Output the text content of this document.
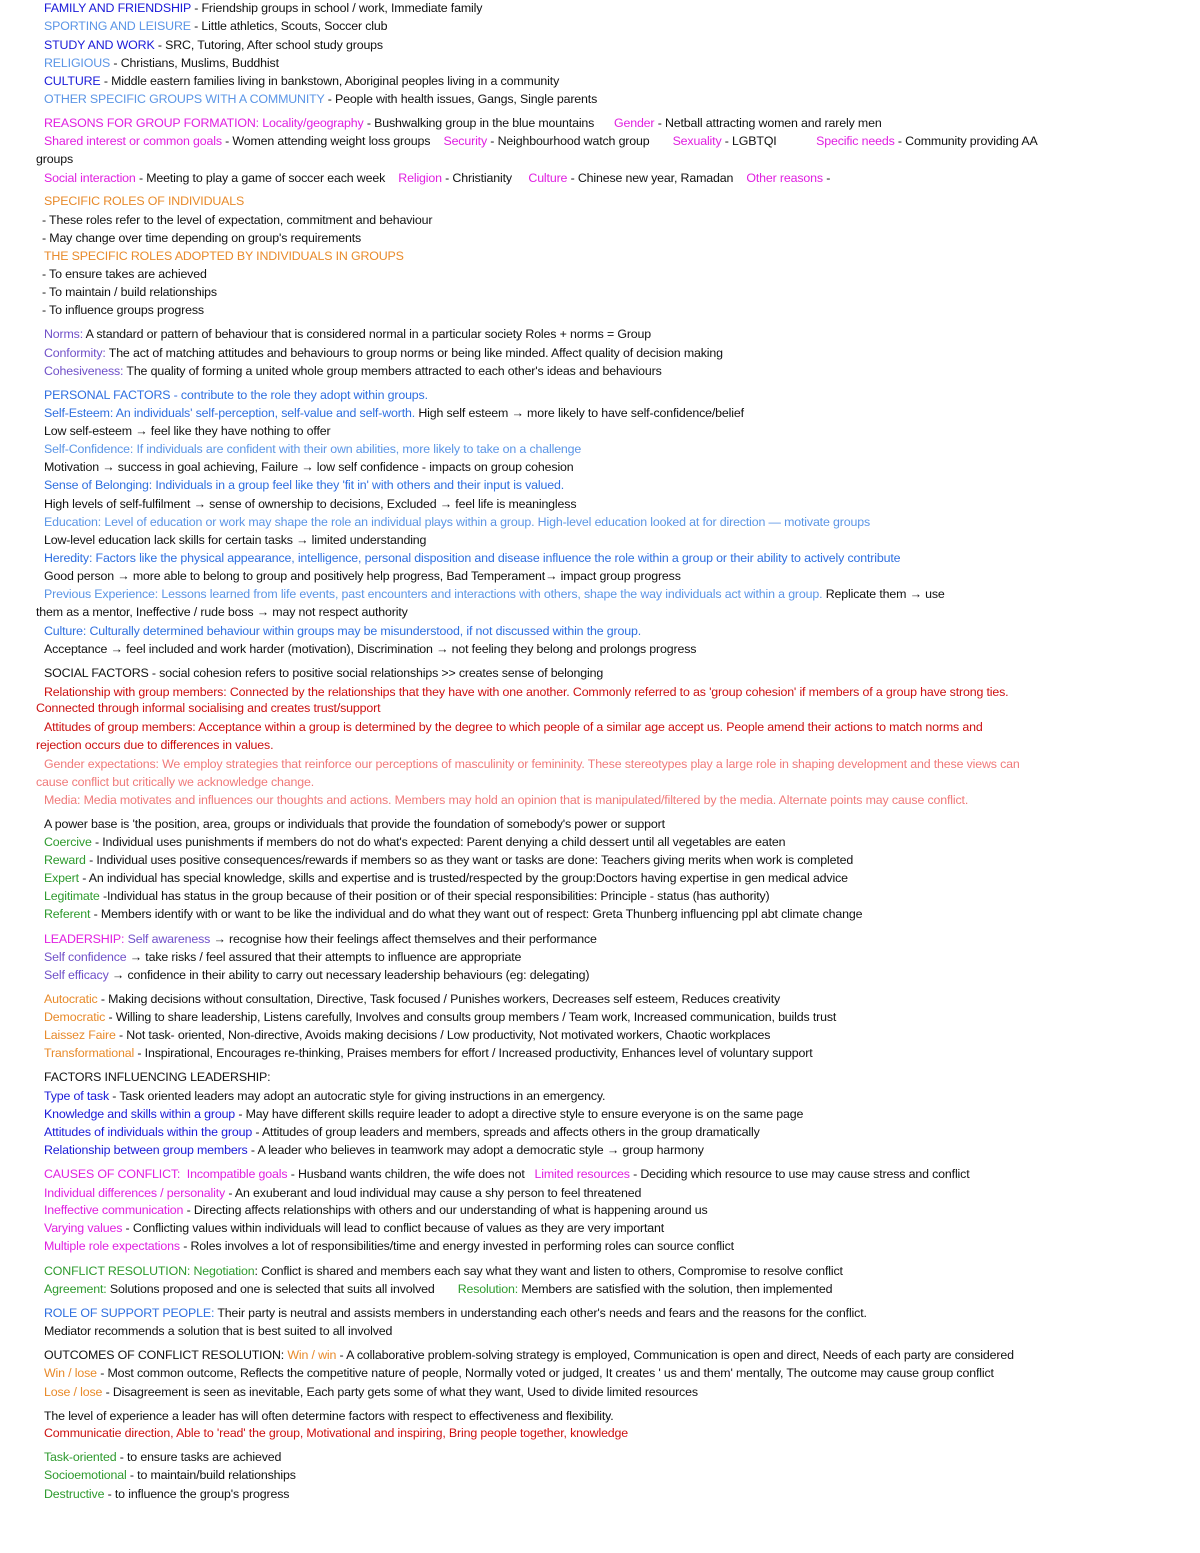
FAMILY AND FRIENDSHIP - Friendship groups in school / work, Immediate family
SPORTING AND LEISURE - Little athletics, Scouts, Soccer club
STUDY AND WORK - SRC, Tutoring, After school study groups
RELIGIOUS - Christians, Muslims, Buddhist
CULTURE - Middle eastern families living in bankstown, Aboriginal peoples living in a community
OTHER SPECIFIC GROUPS WITH A COMMUNITY - People with health issues, Gangs, Single parents
REASONS FOR GROUP FORMATION: Locality/geography - Bushwalking group in the blue mountains      Gender - Netball attracting women and rarely men
Shared interest or common goals - Women attending weight loss groups    Security - Neighbourhood watch group       Sexuality - LGBTQI            Specific needs - Community providing AA
groups
Social interaction - Meeting to play a game of soccer each week    Religion - Christianity     Culture - Chinese new year, Ramadan    Other reasons -
SPECIFIC ROLES OF INDIVIDUALS
- These roles refer to the level of expectation, commitment and behaviour
- May change over time depending on group's requirements
THE SPECIFIC ROLES ADOPTED BY INDIVIDUALS IN GROUPS
- To ensure takes are achieved
- To maintain / build relationships
- To influence groups progress
Norms: A standard or pattern of behaviour that is considered normal in a particular society Roles + norms = Group
Conformity: The act of matching attitudes and behaviours to group norms or being like minded. Affect quality of decision making
Cohesiveness: The quality of forming a united whole group members attracted to each other's ideas and behaviours
PERSONAL FACTORS - contribute to the role they adopt within groups.
Self-Esteem: An individuals' self-perception, self-value and self-worth. High self esteem → more likely to have self-confidence/belief
Low self-esteem → feel like they have nothing to offer
Self-Confidence: If individuals are confident with their own abilities, more likely to take on a challenge
Motivation → success in goal achieving, Failure → low self confidence - impacts on group cohesion
Sense of Belonging: Individuals in a group feel like they 'fit in' with others and their input is valued.
High levels of self-fulfilment → sense of ownership to decisions, Excluded → feel life is meaningless
Education: Level of education or work may shape the role an individual plays within a group. High-level education looked at for direction — motivate groups
Low-level education lack skills for certain tasks → limited understanding
Heredity: Factors like the physical appearance, intelligence, personal disposition and disease influence the role within a group or their ability to actively contribute
Good person → more able to belong to group and positively help progress, Bad Temperament→ impact group progress
Previous Experience: Lessons learned from life events, past encounters and interactions with others, shape the way individuals act within a group. Replicate them → use
them as a mentor, Ineffective / rude boss → may not respect authority
Culture: Culturally determined behaviour within groups may be misunderstood, if not discussed within the group.
Acceptance → feel included and work harder (motivation), Discrimination → not feeling they belong and prolongs progress
SOCIAL FACTORS - social cohesion refers to positive social relationships >> creates sense of belonging
Relationship with group members: Connected by the relationships that they have with one another. Commonly referred to as 'group cohesion' if members of a group have strong ties.
Connected through informal socialising and creates trust/support
Attitudes of group members: Acceptance within a group is determined by the degree to which people of a similar age accept us. People amend their actions to match norms and
rejection occurs due to differences in values.
Gender expectations: We employ strategies that reinforce our perceptions of masculinity or femininity. These stereotypes play a large role in shaping development and these views can
cause conflict but critically we acknowledge change.
Media: Media motivates and influences our thoughts and actions. Members may hold an opinion that is manipulated/filtered by the media. Alternate points may cause conflict.
A power base is 'the position, area, groups or individuals that provide the foundation of somebody's power or support
Coercive - Individual uses punishments if members do not do what's expected: Parent denying a child dessert until all vegetables are eaten
Reward - Individual uses positive consequences/rewards if members so as they want or tasks are done: Teachers giving merits when work is completed
Expert - An individual has special knowledge, skills and expertise and is trusted/respected by the group:Doctors having expertise in gen medical advice
Legitimate -Individual has status in the group because of their position or of their special responsibilities: Principle - status (has authority)
Referent - Members identify with or want to be like the individual and do what they want out of respect: Greta Thunberg influencing ppl abt climate change
LEADERSHIP: Self awareness → recognise how their feelings affect themselves and their performance
Self confidence → take risks / feel assured that their attempts to influence are appropriate
Self efficacy → confidence in their ability to carry out necessary leadership behaviours (eg: delegating)
Autocratic - Making decisions without consultation, Directive, Task focused / Punishes workers, Decreases self esteem, Reduces creativity
Democratic - Willing to share leadership, Listens carefully, Involves and consults group members / Team work, Increased communication, builds trust
Laissez Faire - Not task- oriented, Non-directive, Avoids making decisions / Low productivity, Not motivated workers, Chaotic workplaces
Transformational - Inspirational, Encourages re-thinking, Praises members for effort / Increased productivity, Enhances level of voluntary support
FACTORS INFLUENCING LEADERSHIP:
Type of task - Task oriented leaders may adopt an autocratic style for giving instructions in an emergency.
Knowledge and skills within a group - May have different skills require leader to adopt a directive style to ensure everyone is on the same page
Attitudes of individuals within the group - Attitudes of group leaders and members, spreads and affects others in the group dramatically
Relationship between group members - A leader who believes in teamwork may adopt a democratic style → group harmony
CAUSES OF CONFLICT:  Incompatible goals - Husband wants children, the wife does not   Limited resources - Deciding which resource to use may cause stress and conflict
Individual differences / personality - An exuberant and loud individual may cause a shy person to feel threatened
Ineffective communication - Directing affects relationships with others and our understanding of what is happening around us
Varying values - Conflicting values within individuals will lead to conflict because of values as they are very important
Multiple role expectations - Roles involves a lot of responsibilities/time and energy invested in performing roles can source conflict
CONFLICT RESOLUTION: Negotiation: Conflict is shared and members each say what they want and listen to others, Compromise to resolve conflict
Agreement: Solutions proposed and one is selected that suits all involved       Resolution: Members are satisfied with the solution, then implemented
ROLE OF SUPPORT PEOPLE: Their party is neutral and assists members in understanding each other's needs and fears and the reasons for the conflict.
Mediator recommends a solution that is best suited to all involved
OUTCOMES OF CONFLICT RESOLUTION: Win / win - A collaborative problem-solving strategy is employed, Communication is open and direct, Needs of each party are considered
Win / lose - Most common outcome, Reflects the competitive nature of people, Normally voted or judged, It creates ' us and them' mentally, The outcome may cause group conflict
Lose / lose - Disagreement is seen as inevitable, Each party gets some of what they want, Used to divide limited resources
The level of experience a leader has will often determine factors with respect to effectiveness and flexibility.
Communicatie direction, Able to 'read' the group, Motivational and inspiring, Bring people together, knowledge
Task-oriented - to ensure tasks are achieved
Socioemotional - to maintain/build relationships
Destructive - to influence the group's progress
